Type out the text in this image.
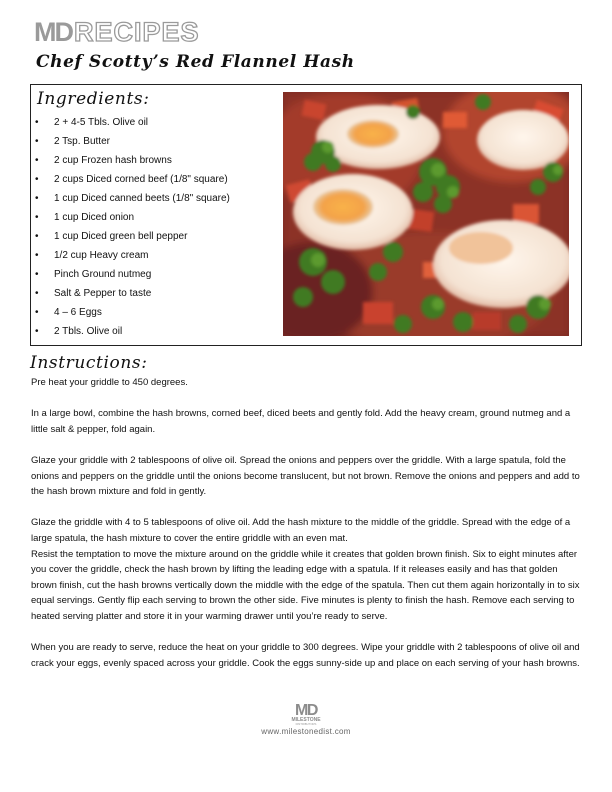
MD RECIPES
Chef Scotty’s Red Flannel Hash
Ingredients:
• 2 + 4-5 Tbls. Olive oil
• 2 Tsp. Butter
• 2 cup Frozen hash browns
• 2 cups Diced corned beef (1/8" square)
• 1 cup Diced canned beets (1/8" square)
• 1 cup Diced onion
• 1 cup Diced green bell pepper
• 1/2 cup Heavy cream
• Pinch Ground nutmeg
• Salt & Pepper to taste
• 4 – 6 Eggs
• 2 Tbls. Olive oil
Instructions:

Pre heat your griddle to 450 degrees.

In a large bowl, combine the hash browns, corned beef, diced beets and gently fold. Add the heavy cream, ground nutmeg and a little salt & pepper, fold again.

Glaze your griddle with 2 tablespoons of olive oil. Spread the onions and peppers over the griddle. With a large spatula, fold the onions and peppers on the griddle until the onions become translucent, but not brown. Remove the onions and peppers and add to the hash brown mixture and fold in gently.

Glaze the griddle with 4 to 5 tablespoons of olive oil. Add the hash mixture to the middle of the griddle. Spread with the edge of a large spatula, the hash mixture to cover the entire griddle with an even mat.

Resist the temptation to move the mixture around on the griddle while it creates that golden brown finish. Six to eight minutes after you cover the griddle, check the hash brown by lifting the leading edge with a spatula. If it releases easily and has that golden brown finish, cut the hash browns vertically down the middle with the edge of the spatula. Then cut them again horizontally in to six equal servings. Gently flip each serving to brown the other side. Five minutes is plenty to finish the hash. Remove each serving to heated serving platter and store it in your warming drawer until you’re ready to serve.

When you are ready to serve, reduce the heat on your griddle to 300 degrees. Wipe your griddle with 2 tablespoons of olive oil and crack your eggs, evenly spaced across your griddle. Cook the eggs sunny-side up and place on each serving of your hash browns.

MD
MILESTONE
DISTRIBUTORS
www.milestonedist.com
